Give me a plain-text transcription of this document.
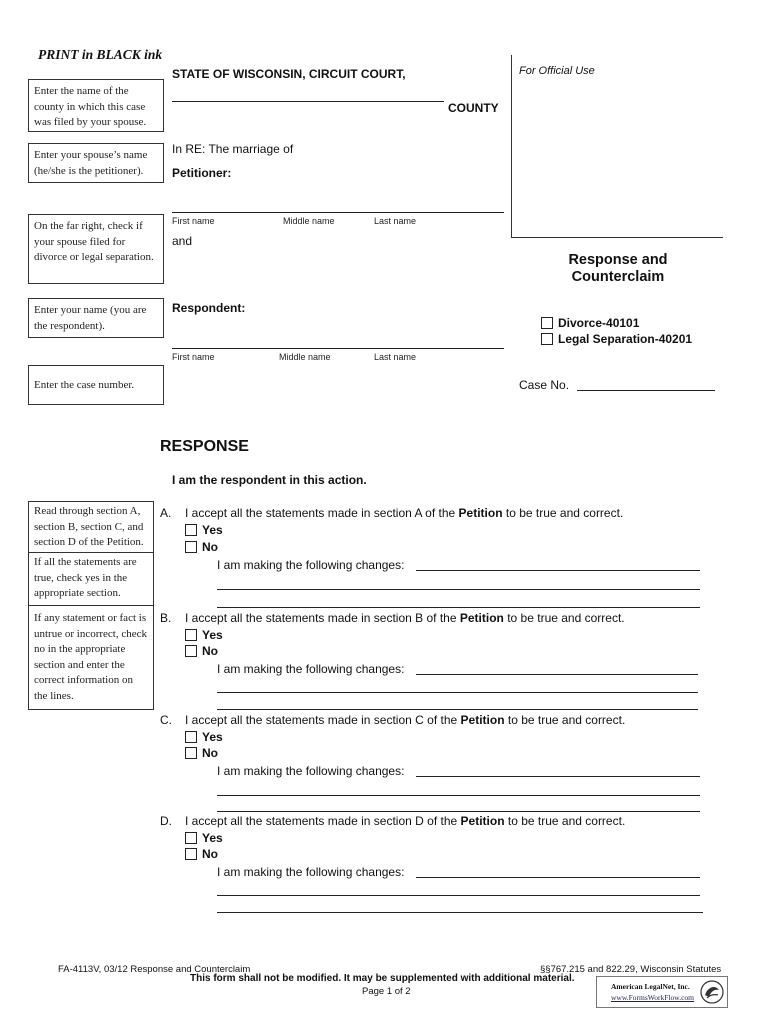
PRINT in BLACK ink
For Official Use
STATE OF WISCONSIN, CIRCUIT COURT,
COUNTY
Enter the name of the county in which this case was filed by your spouse.
Enter your spouse’s name (he/she is the petitioner).
On the far right, check if your spouse filed for divorce or legal separation.
Enter your name (you are the respondent).
Enter the case number.
In RE: The marriage of
Petitioner:
First name	Middle name	Last name
and
Respondent:
First name	Middle name	Last name
Response and
Counterclaim
Divorce-40101
Legal Separation-40201
Case No.
RESPONSE
I am the respondent in this action.
Read through section A, section B, section C, and section D of the Petition.
If all the statements are true, check yes in the appropriate section.
If any statement or fact is untrue or incorrect, check no in the appropriate section and enter the correct information on the lines.
A. I accept all the statements made in section A of the Petition to be true and correct.
Yes
No
I am making the following changes:
B. I accept all the statements made in section B of the Petition to be true and correct.
Yes
No
I am making the following changes:
C. I accept all the statements made in section C of the Petition to be true and correct.
Yes
No
I am making the following changes:
D. I accept all the statements made in section D of the Petition to be true and correct.
Yes
No
I am making the following changes:
FA-4113V, 03/12 Response and Counterclaim	§§767.215 and 822.29, Wisconsin Statutes
This form shall not be modified. It may be supplemented with additional material.
Page 1 of 2	American LegalNet, Inc.
www.FormsWorkFlow.com
